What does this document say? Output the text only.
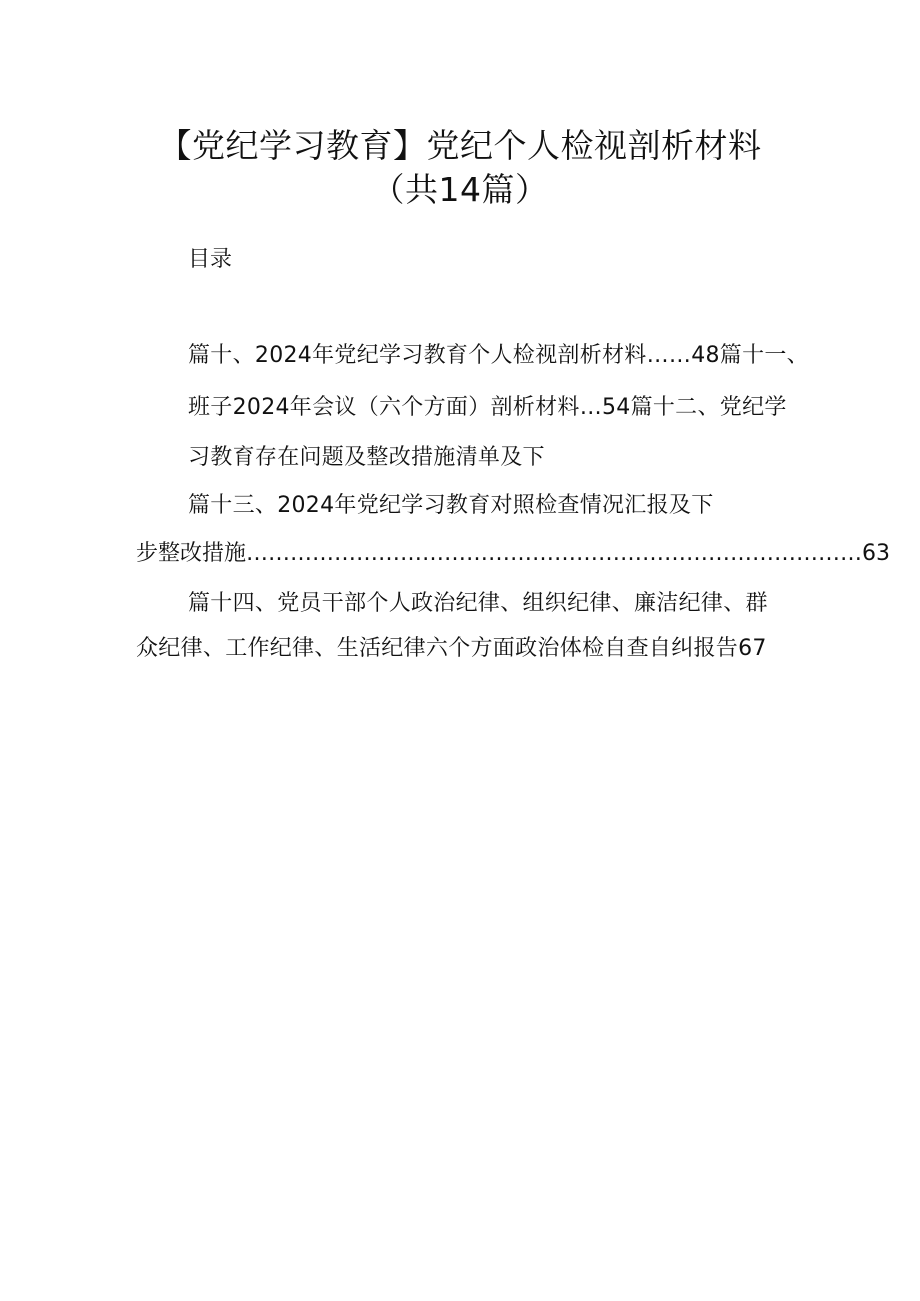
【党纪学习教育】党纪个人检视剖析材料
（共14篇）
目录
篇十、2024年党纪学习教育个人检视剖析材料……48篇十一、
班子2024年会议（六个方面）剖析材料…54篇十二、党纪学
习教育存在问题及整改措施清单及下
篇十三、2024年党纪学习教育对照检查情况汇报及下
步整改措施…………………………………………………………………………63
篇十四、党员干部个人政治纪律、组织纪律、廉洁纪律、群
众纪律、工作纪律、生活纪律六个方面政治体检自查自纠报告67
